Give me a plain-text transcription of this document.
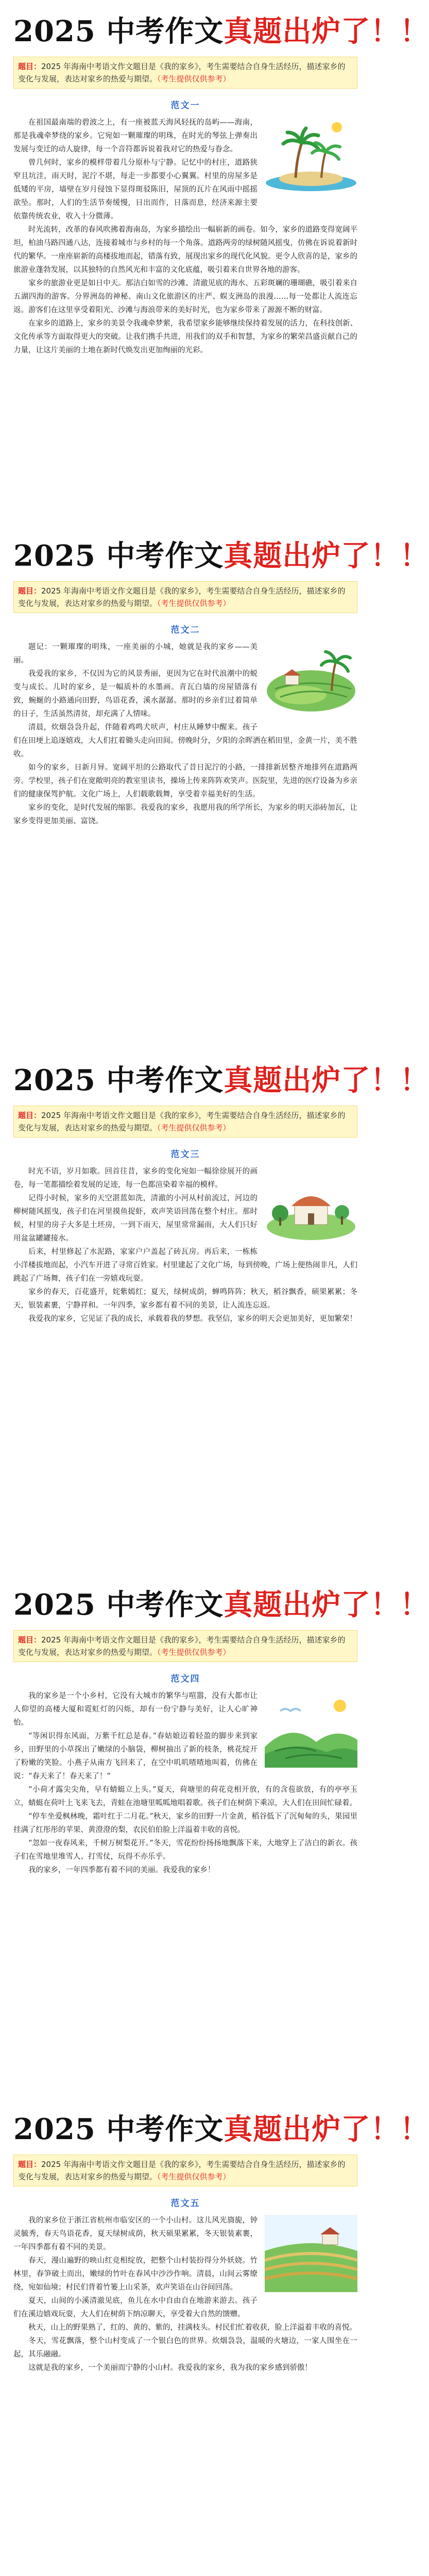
2025 中考作文真题出炉了！！
题目：2025 年海南中考语文作文题目是《我的家乡》，考生需要结合自身生活经历，描述家乡的变化与发展，表达对家乡的热爱与期望。（考生提供仅供参考）
范文一

在祖国最南端的碧波之上，有一座被蓝天海风轻抚的岛屿——海南，那是我魂牵梦绕的家乡。它宛如一颗璀璨的明珠，在时光的琴弦上弹奏出发展与变迁的动人旋律，每一个音符都诉说着我对它的热爱与眷念。

曾几何时，家乡的模样带着几分原朴与宁静。记忆中的村庄，道路狭窄且坑洼，雨天时，泥泞不堪，每走一步都要小心翼翼。村里的房屋多是低矮的平房，墙壁在岁月侵蚀下显得斑驳陈旧，屋顶的瓦片在风雨中摇摇欲坠。那时，人们的生活节奏缓慢，日出而作，日落而息，经济来源主要依靠传统农业，收入十分微薄。

时光流转，改革的春风吹拂着海南岛，为家乡描绘出一幅崭新的画卷。如今，家乡的道路变得宽阔平坦，柏油马路四通八达，连接着城市与乡村的每一个角落。道路两旁的绿树随风摇曳，仿佛在诉说着新时代的繁华。一座座崭新的高楼拔地而起，错落有致，展现出家乡的现代化风貌。更令人欣喜的是，家乡的旅游业蓬勃发展，以其独特的自然风光和丰富的文化底蕴，吸引着来自世界各地的游客。

家乡的旅游业更是如日中天。那洁白如雪的沙滩、清澈见底的海水、五彩斑斓的珊瑚礁，吸引着来自五湖四海的游客。分界洲岛的神秘、南山文化旅游区的庄严、蜈支洲岛的浪漫……每一处都让人流连忘返。游客们在这里享受着阳光、沙滩与海浪带来的美好时光，也为家乡带来了源源不断的财富。

在家乡的道路上，家乡的美景令我魂牵梦萦，我希望家乡能够继续保持着发展的活力，在科技创新、文化传承等方面取得更大的突破。让我们携手共进，用我们的双手和智慧，为家乡的繁荣昌盛贡献自己的力量，让这片美丽的土地在新时代焕发出更加绚丽的光彩。

2025 中考作文真题出炉了！！
题目：2025 年海南中考语文作文题目是《我的家乡》，考生需要结合自身生活经历，描述家乡的变化与发展，表达对家乡的热爱与期望。（考生提供仅供参考）
范文二

题记：一颗璀璨的明珠，一座美丽的小城，她就是我的家乡——美丽。

我爱我的家乡，不仅因为它的风景秀丽，更因为它在时代浪潮中的蜕变与成长。儿时的家乡，是一幅质朴的水墨画。青瓦白墙的房屋错落有致，蜿蜒的小路通向田野，鸟语花香，溪水潺潺。那时的乡亲们过着简单的日子，生活虽然清贫，却充满了人情味。

清晨，炊烟袅袅升起，伴随着鸡鸣犬吠声，村庄从睡梦中醒来。孩子们在田埂上追逐嬉戏，大人们扛着锄头走向田间。傍晚时分，夕阳的余晖洒在稻田里，金黄一片，美不胜收。

如今的家乡，日新月异。宽阔平坦的公路取代了昔日泥泞的小路，一排排新居整齐地排列在道路两旁。学校里，孩子们在宽敞明亮的教室里读书，操场上传来阵阵欢笑声。医院里，先进的医疗设备为乡亲们的健康保驾护航。文化广场上，人们载歌载舞，享受着幸福美好的生活。

家乡的变化，是时代发展的缩影。我爱我的家乡，我愿用我的所学所长，为家乡的明天添砖加瓦，让家乡变得更加美丽、富饶。

2025 中考作文真题出炉了！！
题目：2025 年海南中考语文作文题目是《我的家乡》，考生需要结合自身生活经历，描述家乡的变化与发展，表达对家乡的热爱与期望。（考生提供仅供参考）
范文三

时光不语，岁月如歌。回首往昔，家乡的变化宛如一幅徐徐展开的画卷，每一笔都描绘着发展的足迹，每一色都渲染着幸福的模样。

记得小时候，家乡的天空湛蓝如洗，清澈的小河从村前流过，河边的柳树随风摇曳，孩子们在河里摸鱼捉虾，欢声笑语回荡在整个村庄。那时候，村里的房子大多是土坯房，一到下雨天，屋里常常漏雨，大人们只好用盆盆罐罐接水。

后来，村里修起了水泥路，家家户户盖起了砖瓦房。再后来，一栋栋小洋楼拔地而起，小汽车开进了寻常百姓家。村里建起了文化广场，每到傍晚，广场上便热闹非凡，人们跳起了广场舞，孩子们在一旁嬉戏玩耍。

家乡的春天，百花盛开，姹紫嫣红；夏天，绿树成荫，蝉鸣阵阵；秋天，稻谷飘香，硕果累累；冬天，银装素裹，宁静祥和。一年四季，家乡都有着不同的美景，让人流连忘返。

我爱我的家乡，它见证了我的成长，承载着我的梦想。我坚信，家乡的明天会更加美好，更加繁荣！

2025 中考作文真题出炉了！！
题目：2025 年海南中考语文作文题目是《我的家乡》，考生需要结合自身生活经历，描述家乡的变化与发展，表达对家乡的热爱与期望。（考生提供仅供参考）
范文四

我的家乡是一个小乡村，它没有大城市的繁华与喧嚣，没有大都市让人仰望的高楼大厦和霓虹灯的闪烁，却有一份宁静与美好，让人心旷神怡。

“等闲识得东风面，万紫千红总是春。”春姑娘迈着轻盈的脚步来到家乡，田野里的小草探出了嫩绿的小脑袋，柳树抽出了新的枝条，桃花绽开了粉嫩的笑脸。小燕子从南方飞回来了，在空中叽叽喳喳地叫着，仿佛在说：“春天来了！春天来了！”

“小荷才露尖尖角，早有蜻蜓立上头。”夏天，荷塘里的荷花竞相开放，有的含苞欲放，有的亭亭玉立，蜻蜓在荷叶上飞来飞去，青蛙在池塘里呱呱地唱着歌。孩子们在树荫下乘凉，大人们在田间忙碌着。

“停车坐爱枫林晚，霜叶红于二月花。”秋天，家乡的田野一片金黄，稻谷低下了沉甸甸的头，果园里挂满了红彤彤的苹果、黄澄澄的梨，农民伯伯脸上洋溢着丰收的喜悦。

“忽如一夜春风来，千树万树梨花开。”冬天，雪花纷纷扬扬地飘落下来，大地穿上了洁白的新衣。孩子们在雪地里堆雪人、打雪仗，玩得不亦乐乎。

我的家乡，一年四季都有着不同的美丽。我爱我的家乡！

2025 中考作文真题出炉了！！
题目：2025 年海南中考语文作文题目是《我的家乡》，考生需要结合自身生活经历，描述家乡的变化与发展，表达对家乡的热爱与期望。（考生提供仅供参考）
范文五

我的家乡位于浙江省杭州市临安区的一个小山村。这儿风光旖旎，钟灵毓秀，春天鸟语花香，夏天绿树成荫，秋天硕果累累，冬天银装素裹，一年四季都有着不同的美景。

春天，漫山遍野的映山红竞相绽放，把整个山村装扮得分外妖娆。竹林里，春笋破土而出，嫩绿的竹叶在春风中沙沙作响。清晨，山间云雾缭绕，宛如仙境；村民们背着竹篓上山采茶，欢声笑语在山谷间回荡。

夏天，山间的小溪清澈见底，鱼儿在水中自由自在地游来游去。孩子们在溪边嬉戏玩耍，大人们在树荫下纳凉聊天，享受着大自然的馈赠。

秋天，山上的野果熟了，红的、黄的、紫的，挂满枝头。村民们忙着收获，脸上洋溢着丰收的喜悦。

冬天，雪花飘落，整个山村变成了一个银白色的世界。炊烟袅袅，温暖的火塘边，一家人围坐在一起，其乐融融。

这就是我的家乡，一个美丽而宁静的小山村。我爱我的家乡，我为我的家乡感到骄傲！
